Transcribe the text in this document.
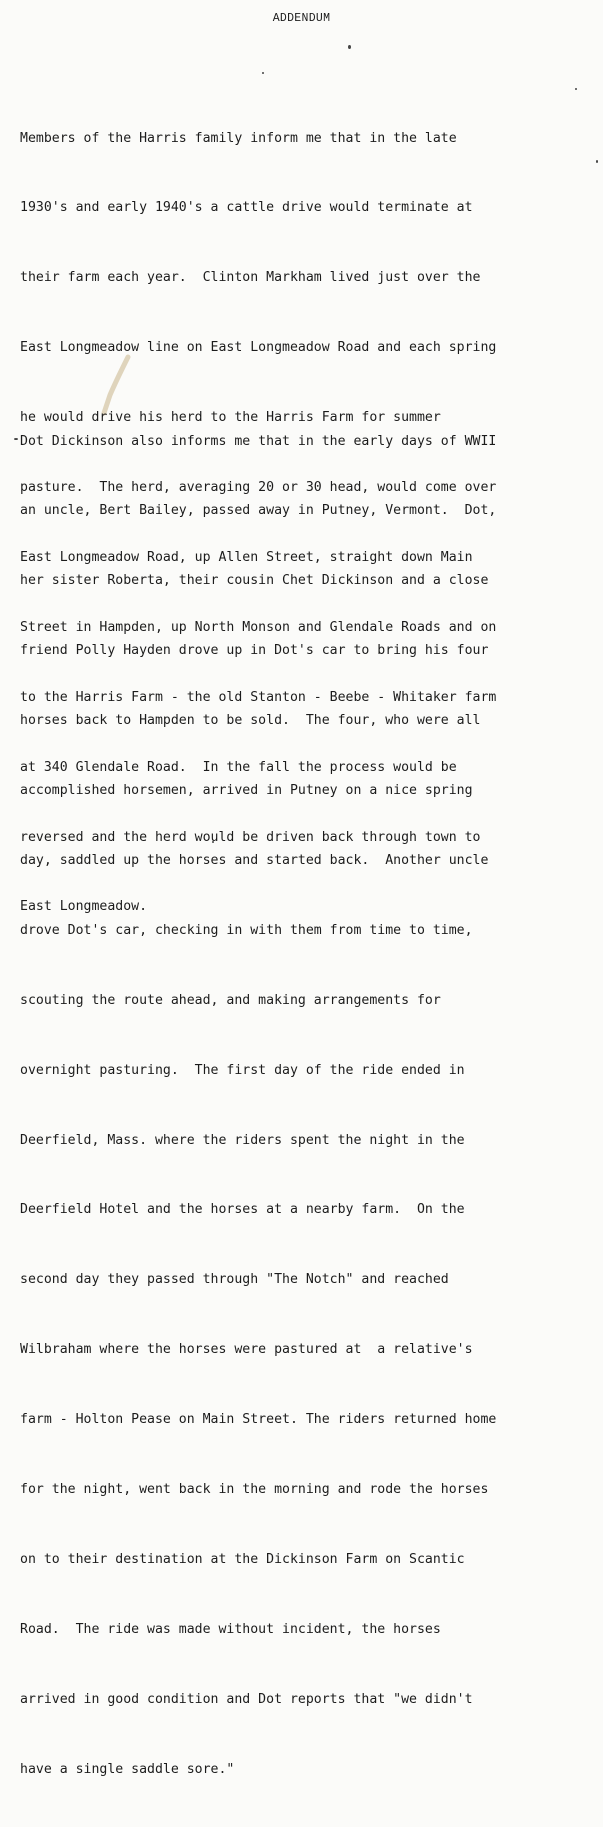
ADDENDUM

Members of the Harris family inform me that in the late

1930's and early 1940's a cattle drive would terminate at

their farm each year.  Clinton Markham lived just over the

East Longmeadow line on East Longmeadow Road and each spring

he would drive his herd to the Harris Farm for summer

pasture.  The herd, averaging 20 or 30 head, would come over

East Longmeadow Road, up Allen Street, straight down Main

Street in Hampden, up North Monson and Glendale Roads and on

to the Harris Farm - the old Stanton - Beebe - Whitaker farm

at 340 Glendale Road.  In the fall the process would be

reversed and the herd would be driven back through town to

East Longmeadow.

Dot Dickinson also informs me that in the early days of WWII

an uncle, Bert Bailey, passed away in Putney, Vermont.  Dot,

her sister Roberta, their cousin Chet Dickinson and a close

friend Polly Hayden drove up in Dot's car to bring his four

horses back to Hampden to be sold.  The four, who were all

accomplished horsemen, arrived in Putney on a nice spring

day, saddled up the horses and started back.  Another uncle

drove Dot's car, checking in with them from time to time,

scouting the route ahead, and making arrangements for

overnight pasturing.  The first day of the ride ended in

Deerfield, Mass. where the riders spent the night in the

Deerfield Hotel and the horses at a nearby farm.  On the

second day they passed through "The Notch" and reached

Wilbraham where the horses were pastured at  a relative's

farm - Holton Pease on Main Street. The riders returned home

for the night, went back in the morning and rode the horses

on to their destination at the Dickinson Farm on Scantic

Road.  The ride was made without incident, the horses

arrived in good condition and Dot reports that "we didn't

have a single saddle sore."
